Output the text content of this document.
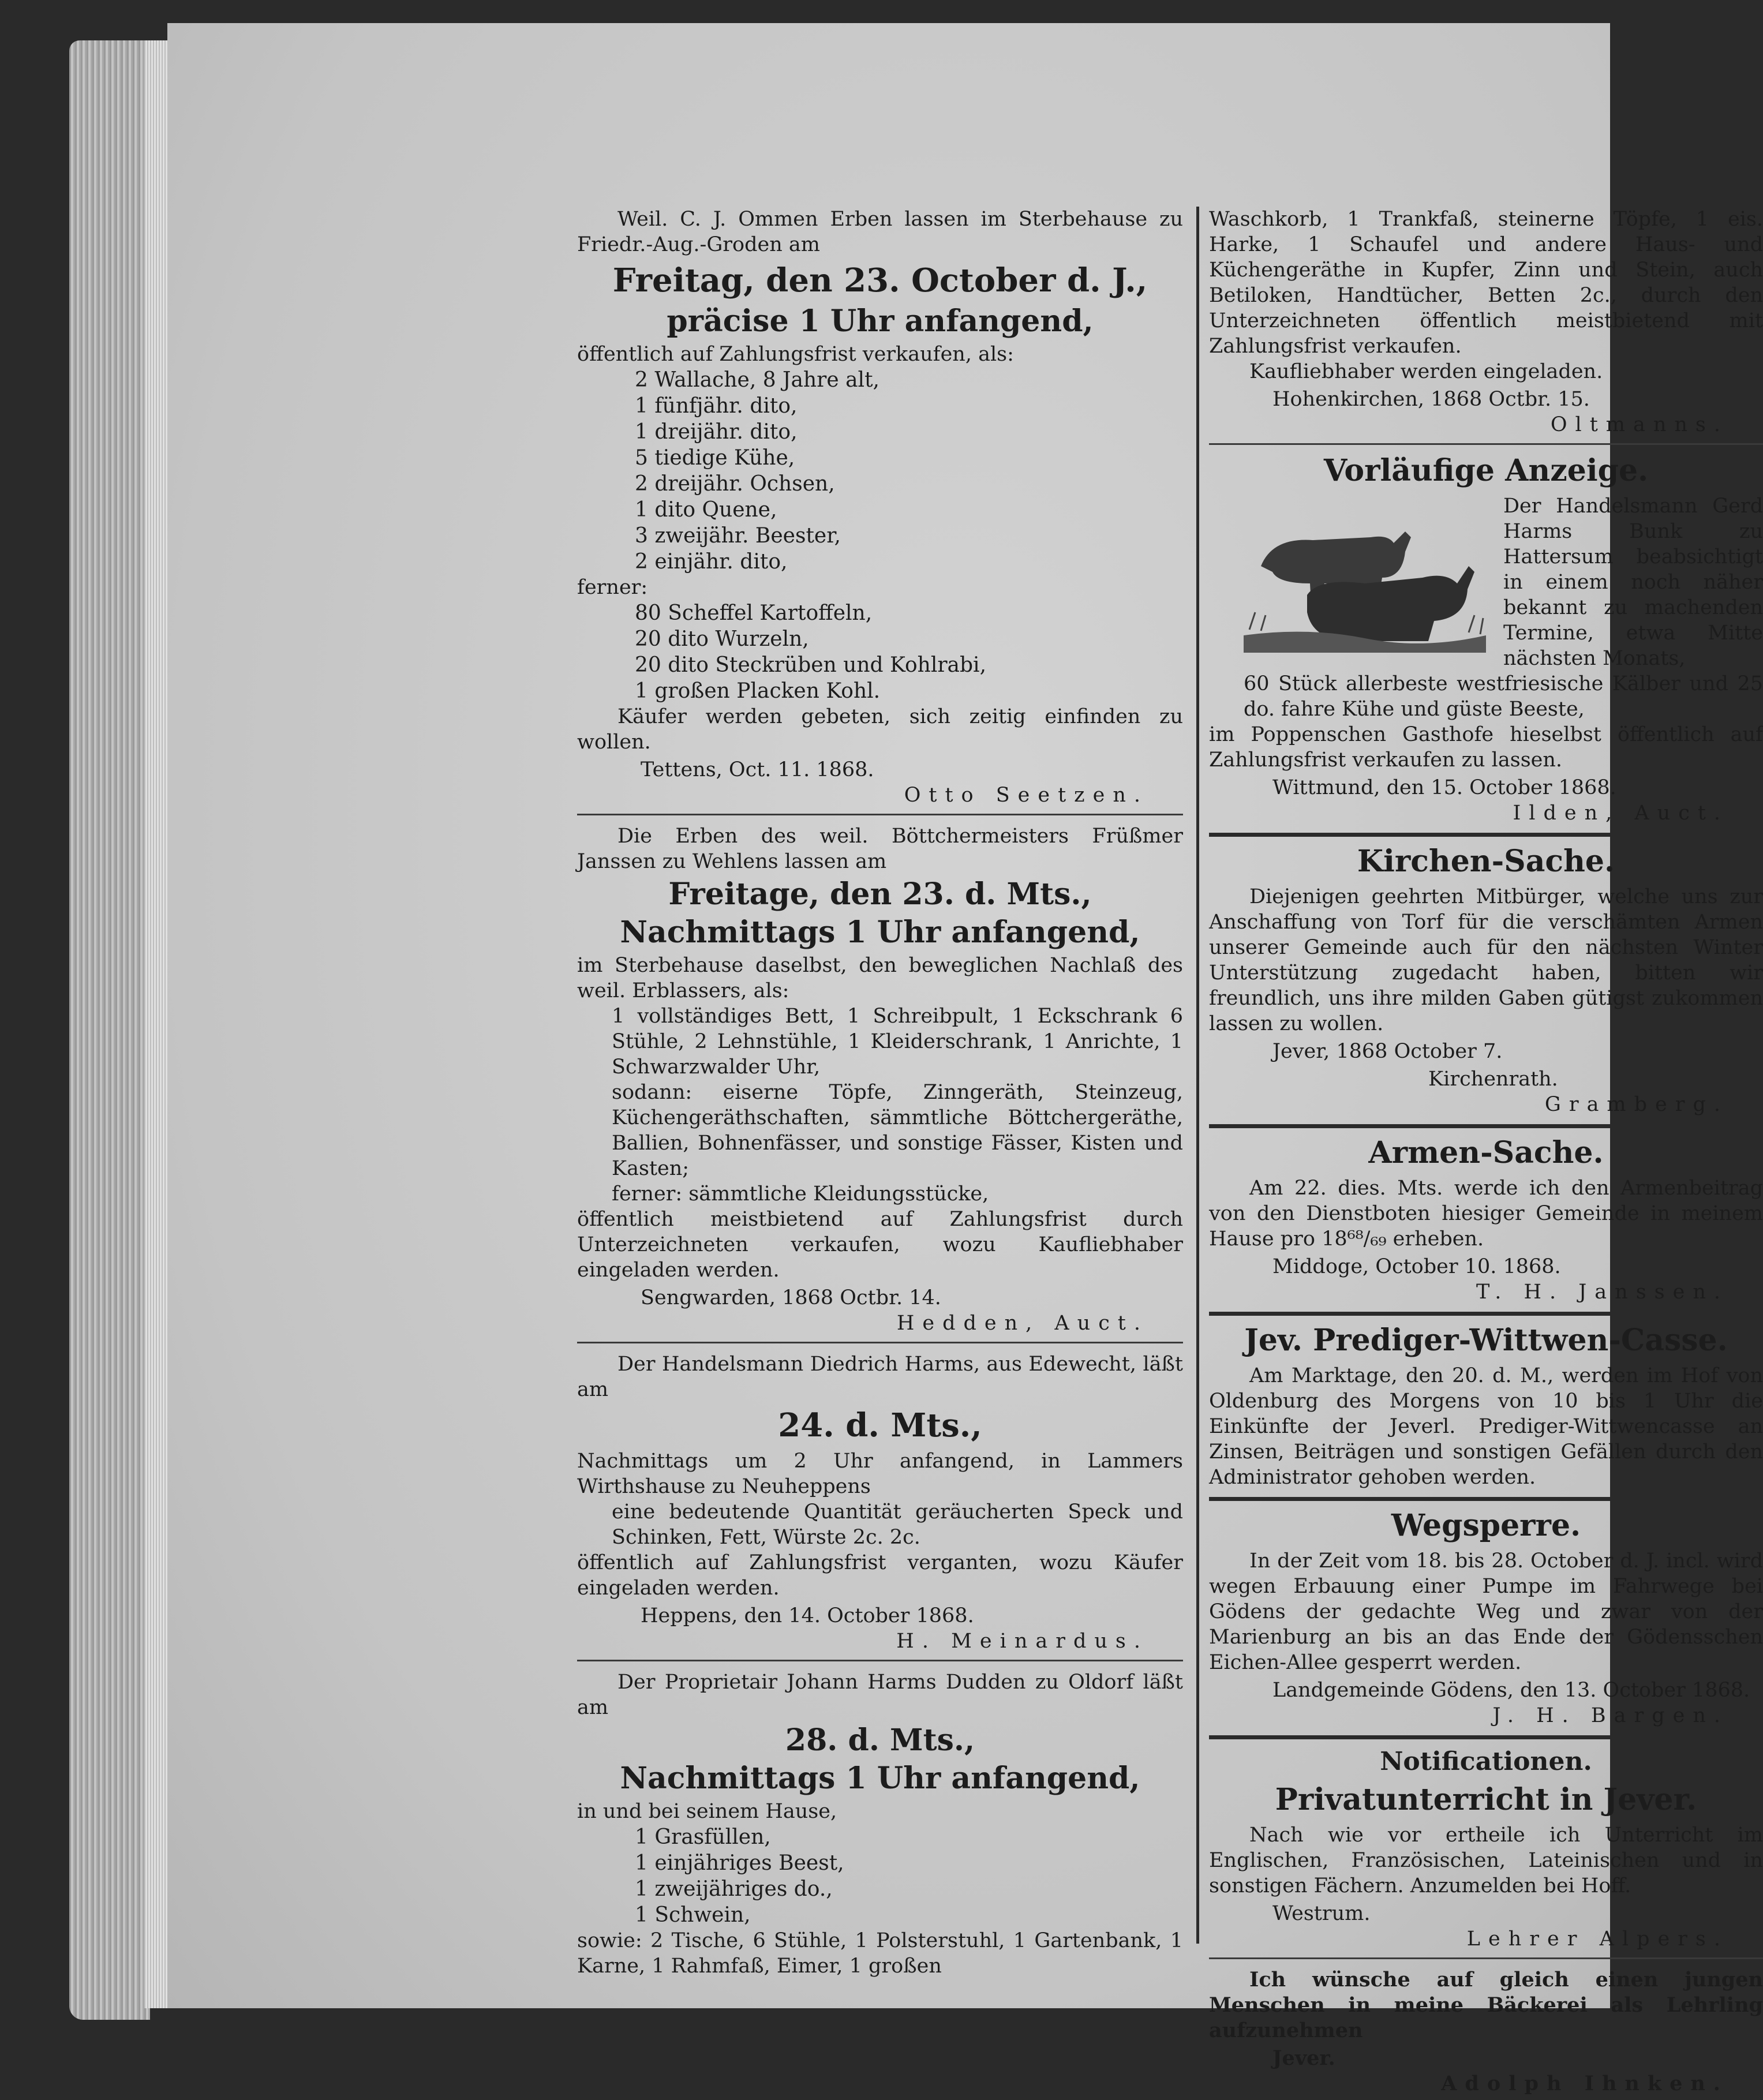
Weil. C. J. Ommen Erben lassen im Sterbehause zu Friedr.-Aug.-Groden am

Freitag, den 23. October d. J.,

präcise 1 Uhr anfangend,

öffentlich auf Zahlungsfrist verkaufen, als:

2 Wallache, 8 Jahre alt,

1 fünfjähr. dito,

1 dreijähr. dito,

5 tiedige Kühe,

2 dreijähr. Ochsen,

1 dito Quene,

3 zweijähr. Beester,

2 einjähr. dito,

ferner:

80 Scheffel Kartoffeln,

20 dito Wurzeln,

20 dito Steckrüben und Kohlrabi,

1 großen Placken Kohl.

Käufer werden gebeten, sich zeitig einfinden zu wollen.

Tettens, Oct. 11. 1868.

Otto Seetzen.

Die Erben des weil. Böttchermeisters Früßmer Janssen zu Wehlens lassen am

Freitage, den 23. d. Mts.,

Nachmittags 1 Uhr anfangend,

im Sterbehause daselbst, den beweglichen Nachlaß des weil. Erblassers, als:

1 vollständiges Bett, 1 Schreibpult, 1 Eckschrank 6 Stühle, 2 Lehnstühle, 1 Kleiderschrank, 1 Anrichte, 1 Schwarzwalder Uhr,

sodann: eiserne Töpfe, Zinngeräth, Steinzeug, Küchengeräthschaften, sämmtliche Böttchergeräthe, Ballien, Bohnenfässer, und sonstige Fässer, Kisten und Kasten;

ferner: sämmtliche Kleidungsstücke,

öffentlich meistbietend auf Zahlungsfrist durch Unterzeichneten verkaufen, wozu Kaufliebhaber eingeladen werden.

Sengwarden, 1868 Octbr. 14.

Hedden, Auct.

Der Handelsmann Diedrich Harms, aus Edewecht, läßt am

24. d. Mts.,

Nachmittags um 2 Uhr anfangend, in Lammers Wirthshause zu Neuheppens

eine bedeutende Quantität geräucherten Speck und Schinken, Fett, Würste 2c. 2c.

öffentlich auf Zahlungsfrist verganten, wozu Käufer eingeladen werden.

Heppens, den 14. October 1868.

H. Meinardus.

Der Proprietair Johann Harms Dudden zu Oldorf läßt am

28. d. Mts.,

Nachmittags 1 Uhr anfangend,

in und bei seinem Hause,

1 Grasfüllen,

1 einjähriges Beest,

1 zweijähriges do.,

1 Schwein,

sowie: 2 Tische, 6 Stühle, 1 Polsterstuhl, 1 Gartenbank, 1 Karne, 1 Rahmfaß, Eimer, 1 großen

Waschkorb, 1 Trankfaß, steinerne Töpfe, 1 eis. Harke, 1 Schaufel und andere Haus- und Küchengeräthe in Kupfer, Zinn und Stein, auch Betiloken, Handtücher, Betten 2c., durch den Unterzeichneten öffentlich meistbietend mit Zahlungsfrist verkaufen.

Kaufliebhaber werden eingeladen.

Hohenkirchen, 1868 Octbr. 15.

Oltmanns.

Vorläufige Anzeige.

Der Handelsmann Gerd Harms Bunk zu Hattersum beabsichtigt in einem noch näher bekannt zu machenden Termine, etwa Mitte nächsten Monats,

60 Stück allerbeste westfriesische Kälber und 25 do. fahre Kühe und güste Beeste,

im Poppenschen Gasthofe hieselbst öffentlich auf Zahlungsfrist verkaufen zu lassen.

Wittmund, den 15. October 1868.

Ilden, Auct.

Kirchen-Sache.

Diejenigen geehrten Mitbürger, welche uns zur Anschaffung von Torf für die verschämten Armen unserer Gemeinde auch für den nächsten Winter Unterstützung zugedacht haben, bitten wir freundlich, uns ihre milden Gaben gütigst zukommen lassen zu wollen.

Jever, 1868 October 7.

Kirchenrath.

Gramberg.

Armen-Sache.

Am 22. dies. Mts. werde ich den Armenbeitrag von den Dienstboten hiesiger Gemeinde in meinem Hause pro 18⁶⁸/₆₉ erheben.

Middoge, October 10. 1868.

T. H. Janssen.

Jev. Prediger-Wittwen-Casse.

Am Marktage, den 20. d. M., werden im Hof von Oldenburg des Morgens von 10 bis 1 Uhr die Einkünfte der Jeverl. Prediger-Wittwencasse an Zinsen, Beiträgen und sonstigen Gefällen durch den Administrator gehoben werden.

Wegsperre.

In der Zeit vom 18. bis 28. October d. J. incl. wird wegen Erbauung einer Pumpe im Fahrwege bei Gödens der gedachte Weg und zwar von der Marienburg an bis an das Ende der Gödensschen Eichen-Allee gesperrt werden.

Landgemeinde Gödens, den 13. October 1868.

J. H. Bargen.

Notificationen.

Privatunterricht in Jever.

Nach wie vor ertheile ich Unterricht im Englischen, Französischen, Lateinischen und in sonstigen Fächern. Anzumelden bei Hoff.

Westrum.

Lehrer Alpers.

Ich wünsche auf gleich einen jungen Menschen in meine Bäckerei als Lehrling aufzunehmen

Jever.

Adolph Ihnken.
